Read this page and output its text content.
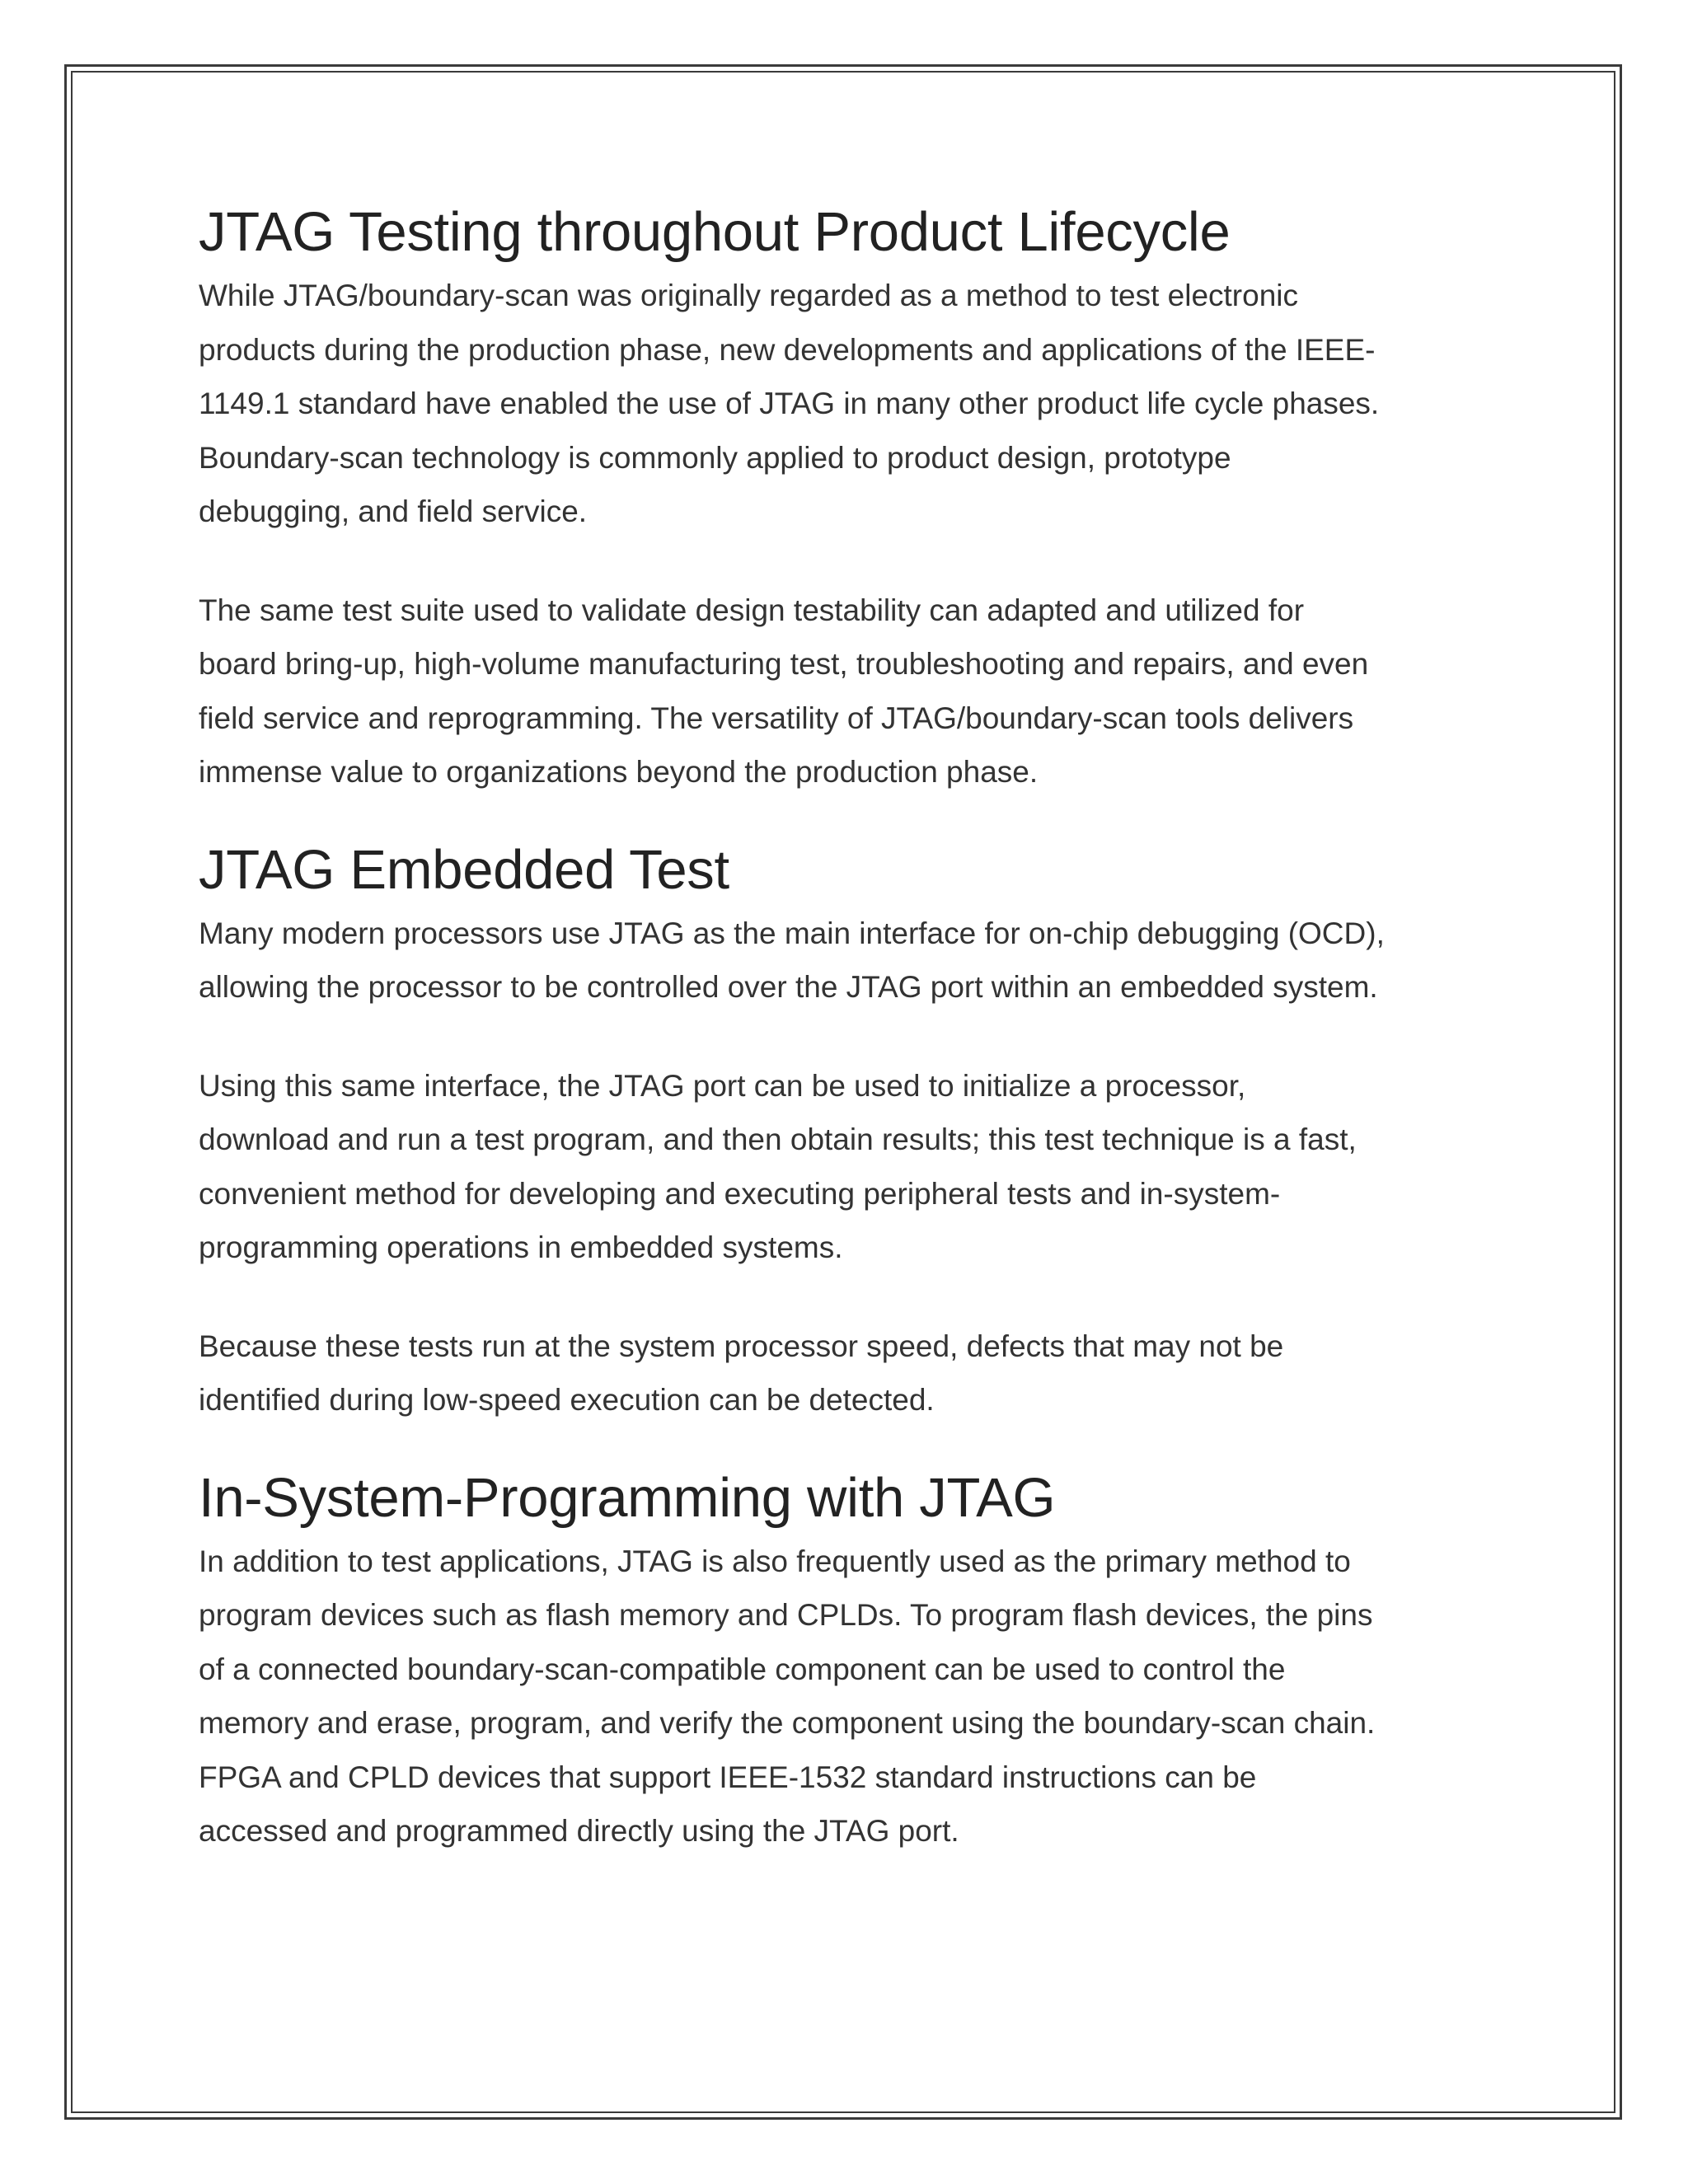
JTAG Testing throughout Product Lifecycle
While JTAG/boundary-scan was originally regarded as a method to test electronic
products during the production phase, new developments and applications of the IEEE-
1149.1 standard have enabled the use of JTAG in many other product life cycle phases.
Boundary-scan technology is commonly applied to product design, prototype
debugging, and field service.
The same test suite used to validate design testability can adapted and utilized for
board bring-up, high-volume manufacturing test, troubleshooting and repairs, and even
field service and reprogramming. The versatility of JTAG/boundary-scan tools delivers
immense value to organizations beyond the production phase.
JTAG Embedded Test
Many modern processors use JTAG as the main interface for on-chip debugging (OCD),
allowing the processor to be controlled over the JTAG port within an embedded system.
Using this same interface, the JTAG port can be used to initialize a processor,
download and run a test program, and then obtain results; this test technique is a fast,
convenient method for developing and executing peripheral tests and in-system-
programming operations in embedded systems.
Because these tests run at the system processor speed, defects that may not be
identified during low-speed execution can be detected.
In-System-Programming with JTAG
In addition to test applications, JTAG is also frequently used as the primary method to
program devices such as flash memory and CPLDs. To program flash devices, the pins
of a connected boundary-scan-compatible component can be used to control the
memory and erase, program, and verify the component using the boundary-scan chain.
FPGA and CPLD devices that support IEEE-1532 standard instructions can be
accessed and programmed directly using the JTAG port.
